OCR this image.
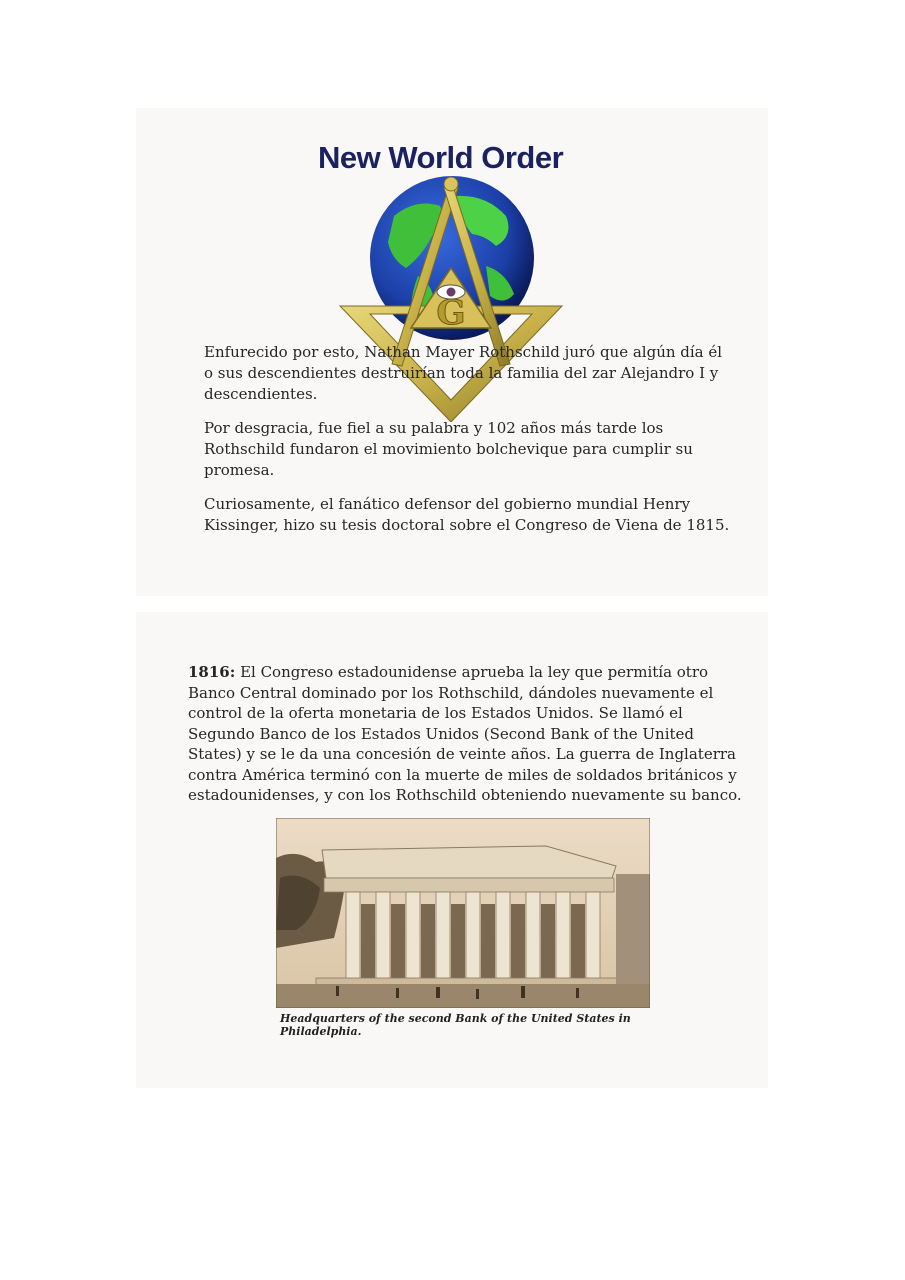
New World Order
G

Enfurecido por esto, Nathan Mayer Rothschild juró que algún día él o sus descendientes destruirían toda la familia del zar Alejandro I y descendientes.

Por desgracia, fue fiel a su palabra y 102 años más tarde los Rothschild fundaron el movimiento bolchevique para cumplir su promesa.

Curiosamente, el fanático defensor del gobierno mundial Henry Kissinger, hizo su tesis doctoral sobre el Congreso de Viena de 1815.

1816: El Congreso estadounidense aprueba la ley que permitía otro Banco Central dominado por los Rothschild, dándoles nuevamente el control de la oferta monetaria de los Estados Unidos. Se llamó el Segundo Banco de los Estados Unidos (Second Bank of the United States) y se le da una concesión de veinte años. La guerra de Inglaterra contra América terminó con la muerte de miles de soldados británicos y estadounidenses, y con los Rothschild obteniendo nuevamente su banco.

Headquarters of the second Bank of the United States in Philadelphia.
